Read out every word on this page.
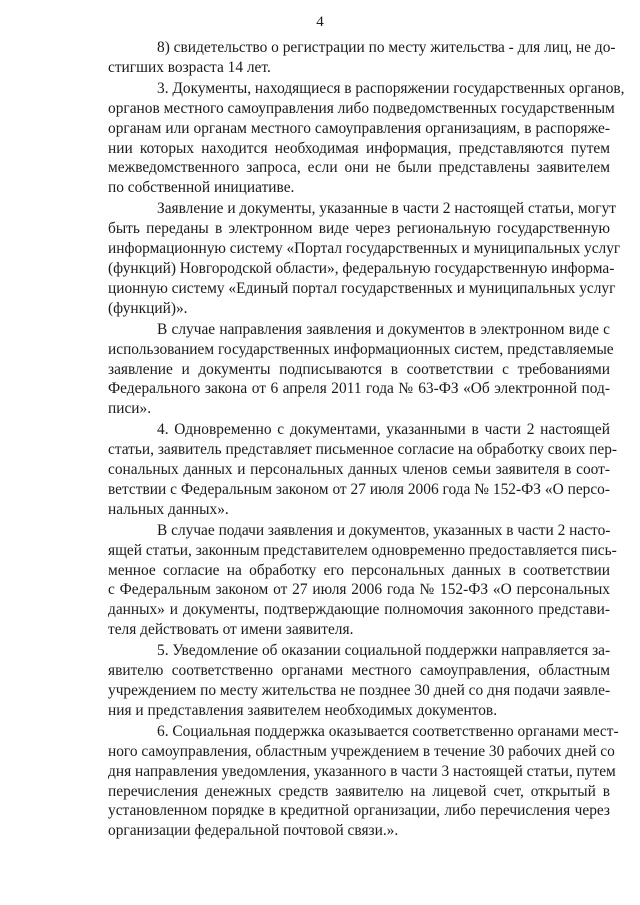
4
8) свидетельство о регистрации по месту жительства - для лиц, не до-
стигших возраста 14 лет.
3. Документы, находящиеся в распоряжении государственных органов,
органов местного самоуправления либо подведомственных государственным
органам или органам местного самоуправления организациям, в распоряже-
нии которых находится необходимая информация, представляются путем
межведомственного запроса, если они не были представлены заявителем
по собственной инициативе.
Заявление и документы, указанные в части 2 настоящей статьи, могут
быть переданы в электронном виде через региональную государственную
информационную систему «Портал государственных и муниципальных услуг
(функций) Новгородской области», федеральную государственную информа-
ционную систему «Единый портал государственных и муниципальных услуг
(функций)».
В случае направления заявления и документов в электронном виде с
использованием государственных информационных систем, представляемые
заявление и документы подписываются в соответствии с требованиями
Федерального закона от 6 апреля 2011 года № 63-ФЗ «Об электронной под-
писи».
4. Одновременно с документами, указанными в части 2 настоящей
статьи, заявитель представляет письменное согласие на обработку своих пер-
сональных данных и персональных данных членов семьи заявителя в соот-
ветствии с Федеральным законом от 27 июля 2006 года № 152-ФЗ «О персо-
нальных данных».
В случае подачи заявления и документов, указанных в части 2 насто-
ящей статьи, законным представителем одновременно предоставляется пись-
менное согласие на обработку его персональных данных в соответствии
с Федеральным законом от 27 июля 2006 года № 152-ФЗ «О персональных
данных» и документы, подтверждающие полномочия законного представи-
теля действовать от имени заявителя.
5. Уведомление об оказании социальной поддержки направляется за-
явителю соответственно органами местного самоуправления, областным
учреждением по месту жительства не позднее 30 дней со дня подачи заявле-
ния и представления заявителем необходимых документов.
6. Социальная поддержка оказывается соответственно органами мест-
ного самоуправления, областным учреждением в течение 30 рабочих дней со
дня направления уведомления, указанного в части 3 настоящей статьи, путем
перечисления денежных средств заявителю на лицевой счет, открытый в
установленном порядке в кредитной организации, либо перечисления через
организации федеральной почтовой связи.».
